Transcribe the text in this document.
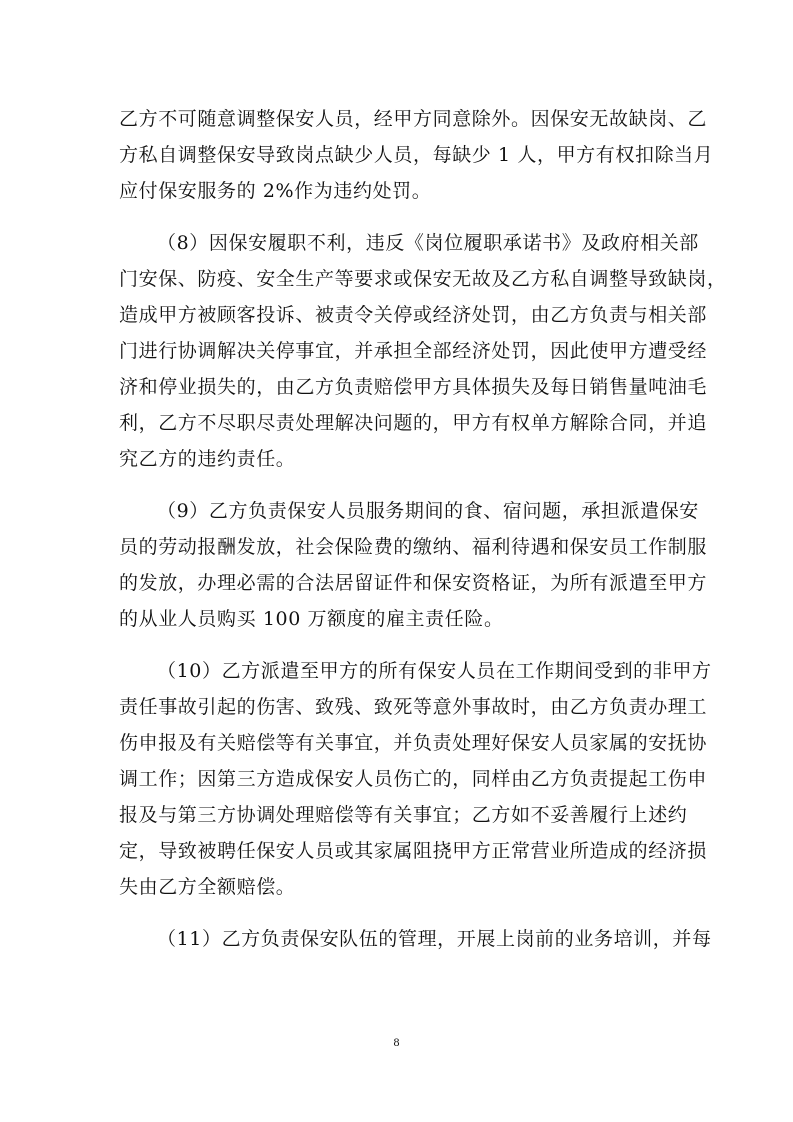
乙方不可随意调整保安人员，经甲方同意除外。因保安无故缺岗、乙
方私自调整保安导致岗点缺少人员，每缺少 1 人，甲方有权扣除当月
应付保安服务的 2%作为违约处罚。
（8）因保安履职不利，违反《岗位履职承诺书》及政府相关部
门安保、防疫、安全生产等要求或保安无故及乙方私自调整导致缺岗，
造成甲方被顾客投诉、被责令关停或经济处罚，由乙方负责与相关部
门进行协调解决关停事宜，并承担全部经济处罚，因此使甲方遭受经
济和停业损失的，由乙方负责赔偿甲方具体损失及每日销售量吨油毛
利，乙方不尽职尽责处理解决问题的，甲方有权单方解除合同，并追
究乙方的违约责任。
（9）乙方负责保安人员服务期间的食、宿问题，承担派遣保安
员的劳动报酬发放，社会保险费的缴纳、福利待遇和保安员工作制服
的发放，办理必需的合法居留证件和保安资格证，为所有派遣至甲方
的从业人员购买 100 万额度的雇主责任险。
（10）乙方派遣至甲方的所有保安人员在工作期间受到的非甲方
责任事故引起的伤害、致残、致死等意外事故时，由乙方负责办理工
伤申报及有关赔偿等有关事宜，并负责处理好保安人员家属的安抚协
调工作；因第三方造成保安人员伤亡的，同样由乙方负责提起工伤申
报及与第三方协调处理赔偿等有关事宜；乙方如不妥善履行上述约
定，导致被聘任保安人员或其家属阻挠甲方正常营业所造成的经济损
失由乙方全额赔偿。
（11）乙方负责保安队伍的管理，开展上岗前的业务培训，并每
8
